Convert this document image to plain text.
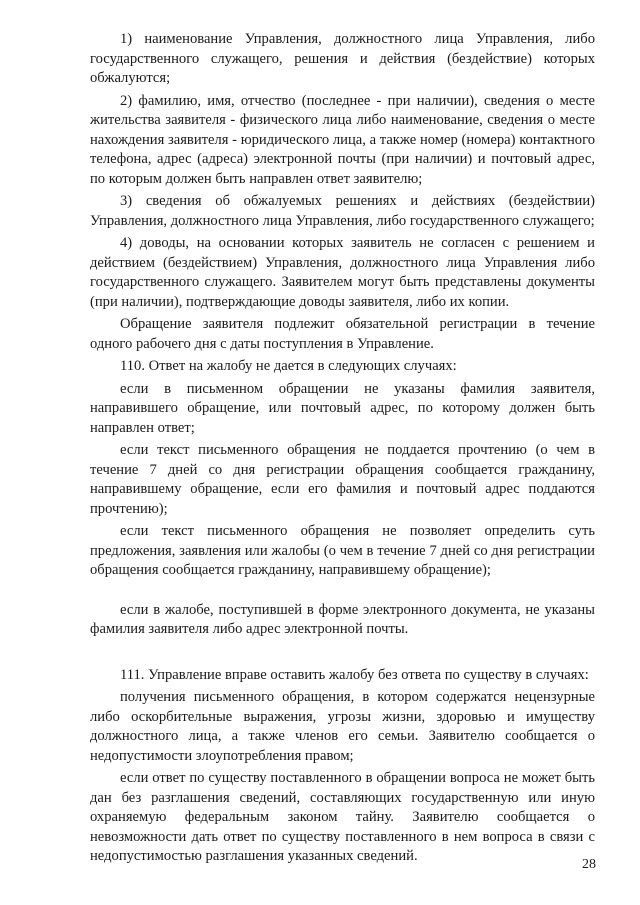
1) наименование Управления, должностного лица Управления, либо государственного служащего, решения и действия (бездействие) которых обжалуются;

2) фамилию, имя, отчество (последнее - при наличии), сведения о месте жительства заявителя - физического лица либо наименование, сведения о месте нахождения заявителя - юридического лица, а также номер (номера) контактного телефона, адрес (адреса) электронной почты (при наличии) и почтовый адрес, по которым должен быть направлен ответ заявителю;

3) сведения об обжалуемых решениях и действиях (бездействии) Управления, должностного лица Управления, либо государственного служащего;

4) доводы, на основании которых заявитель не согласен с решением и действием (бездействием) Управления, должностного лица Управления либо государственного служащего. Заявителем могут быть представлены документы (при наличии), подтверждающие доводы заявителя, либо их копии.

Обращение заявителя подлежит обязательной регистрации в течение одного рабочего дня с даты поступления в Управление.

110. Ответ на жалобу не дается в следующих случаях:

если в письменном обращении не указаны фамилия заявителя, направившего обращение, или почтовый адрес, по которому должен быть направлен ответ;

если текст письменного обращения не поддается прочтению (о чем в течение 7 дней со дня регистрации обращения сообщается гражданину, направившему обращение, если его фамилия и почтовый адрес поддаются прочтению);

если текст письменного обращения не позволяет определить суть предложения, заявления или жалобы (о чем в течение 7 дней со дня регистрации обращения сообщается гражданину, направившему обращение);

если в жалобе, поступившей в форме электронного документа, не указаны фамилия заявителя либо адрес электронной почты.

111. Управление вправе оставить жалобу без ответа по существу в случаях:

получения письменного обращения, в котором содержатся нецензурные либо оскорбительные выражения, угрозы жизни, здоровью и имуществу должностного лица, а также членов его семьи. Заявителю сообщается о недопустимости злоупотребления правом;

если ответ по существу поставленного в обращении вопроса не может быть дан без разглашения сведений, составляющих государственную или иную охраняемую федеральным законом тайну. Заявителю сообщается о невозможности дать ответ по существу поставленного в нем вопроса в связи с недопустимостью разглашения указанных сведений.

28
